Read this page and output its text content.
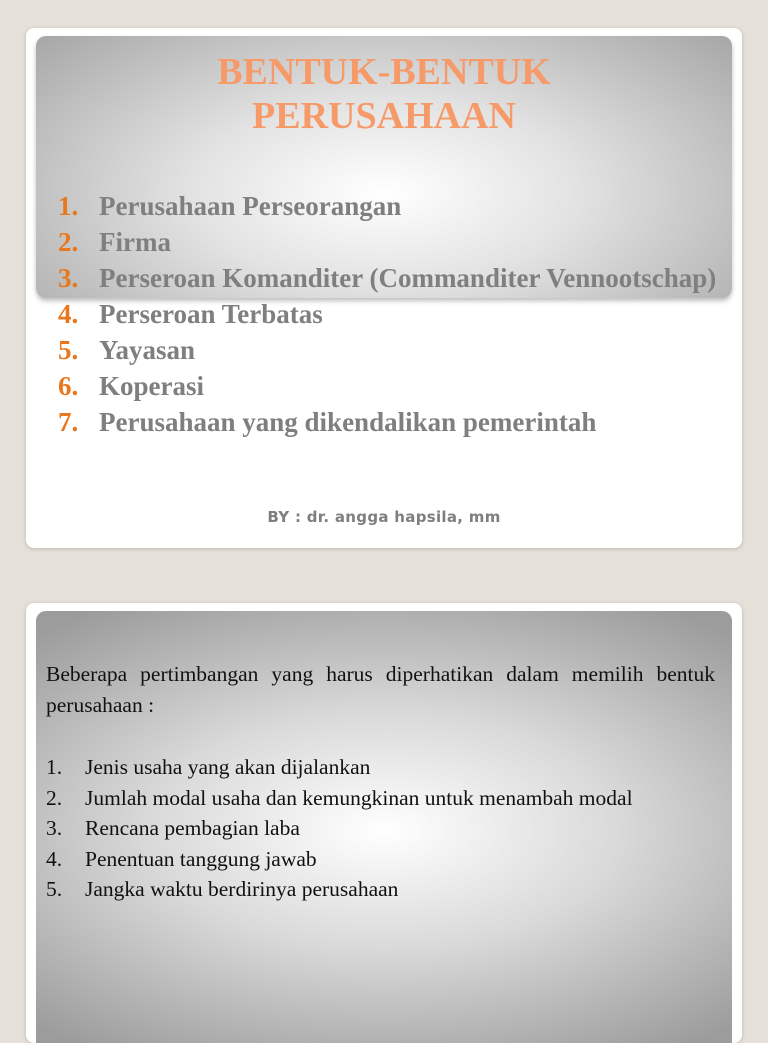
BENTUK-BENTUK
PERUSAHAAN
1. Perusahaan Perseorangan
2. Firma
3. Perseroan Komanditer (Commanditer Vennootschap)
4. Perseroan Terbatas
5. Yayasan
6. Koperasi
7. Perusahaan yang dikendalikan pemerintah
BY : dr. angga hapsila, mm

Beberapa pertimbangan yang harus diperhatikan dalam memilih bentuk perusahaan :

1. Jenis usaha yang akan dijalankan
2. Jumlah modal usaha dan kemungkinan untuk menambah modal
3. Rencana pembagian laba
4. Penentuan tanggung jawab
5. Jangka waktu berdirinya perusahaan
